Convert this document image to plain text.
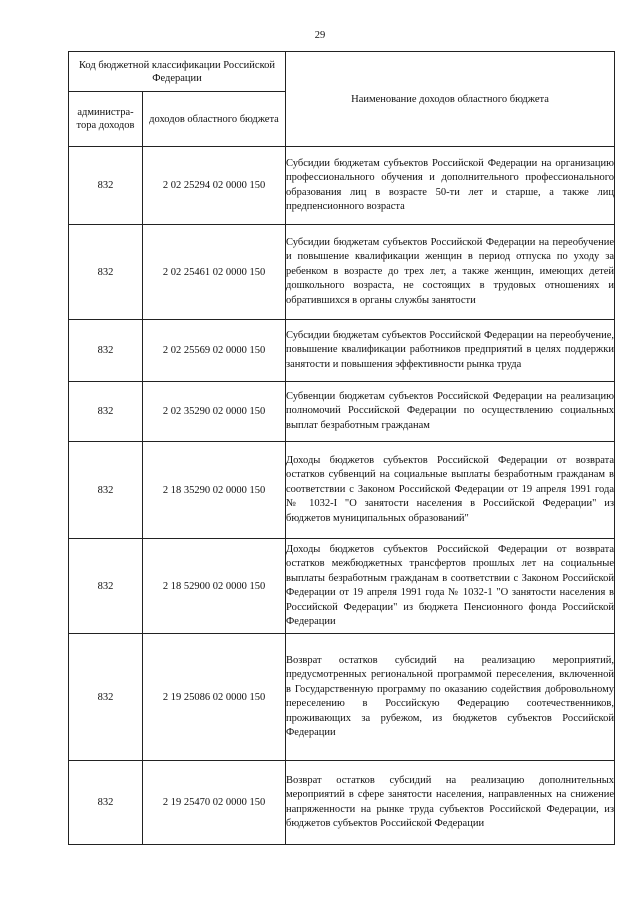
29
Код бюджетной классификации Российской Федерации		Наименование доходов областного бюджета
администра-тора доходов	доходов областного бюджета	
832	2 02 25294 02 0000 150	Субсидии бюджетам субъектов Российской Федерации на организацию профессионального обучения и дополнительного профессионального образования лиц в возрасте 50-ти лет и старше, а также лиц предпенсионного возраста
832	2 02 25461 02 0000 150	Субсидии бюджетам субъектов Российской Федерации на переобучение и повышение квалификации женщин в период отпуска по уходу за ребенком в возрасте до трех лет, а также женщин, имеющих детей дошкольного возраста, не состоящих в трудовых отношениях и обратившихся в органы службы занятости
832	2 02 25569 02 0000 150	Субсидии бюджетам субъектов Российской Федерации на переобучение, повышение квалификации работников предприятий в целях поддержки занятости и повышения эффективности рынка труда
832	2 02 35290 02 0000 150	Субвенции бюджетам субъектов Российской Федерации на реализацию полномочий Российской Федерации по осуществлению социальных выплат безработным гражданам
832	2 18 35290 02 0000 150	Доходы бюджетов субъектов Российской Федерации от возврата остатков субвенций на социальные выплаты безработным гражданам в соответствии с Законом Российской Федерации от 19 апреля 1991 года № 1032-I "О занятости населения в Российской Федерации" из бюджетов муниципальных образований"
832	2 18 52900 02 0000 150	Доходы бюджетов субъектов Российской Федерации от возврата остатков межбюджетных трансфертов прошлых лет на социальные выплаты безработным гражданам в соответствии с Законом Российской Федерации от 19 апреля 1991 года № 1032-1 "О занятости населения в Российской Федерации" из бюджета Пенсионного фонда Российской Федерации
832	2 19 25086 02 0000 150	Возврат остатков субсидий на реализацию мероприятий, предусмотренных региональной программой переселения, включенной в Государственную программу по оказанию содействия добровольному переселению в Российскую Федерацию соотечественников, проживающих за рубежом, из бюджетов субъектов Российской Федерации
832	2 19 25470 02 0000 150	Возврат остатков субсидий на реализацию дополнительных мероприятий в сфере занятости населения, направленных на снижение напряженности на рынке труда субъектов Российской Федерации, из бюджетов субъектов Российской Федерации
